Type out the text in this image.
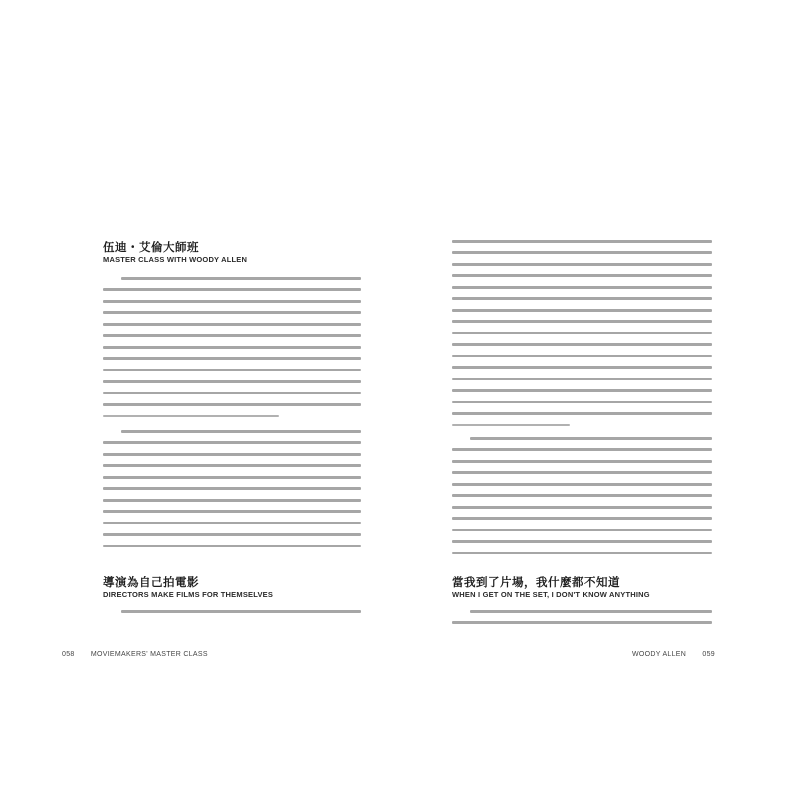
伍迪・艾倫大師班
MASTER CLASS WITH WOODY ALLEN
導演為自己拍電影
DIRECTORS MAKE FILMS FOR THEMSELVES
058 MOVIEMAKERS' MASTER CLASS
當我到了片場，我什麼都不知道
WHEN I GET ON THE SET, I DON'T KNOW ANYTHING
WOODY ALLEN 059
